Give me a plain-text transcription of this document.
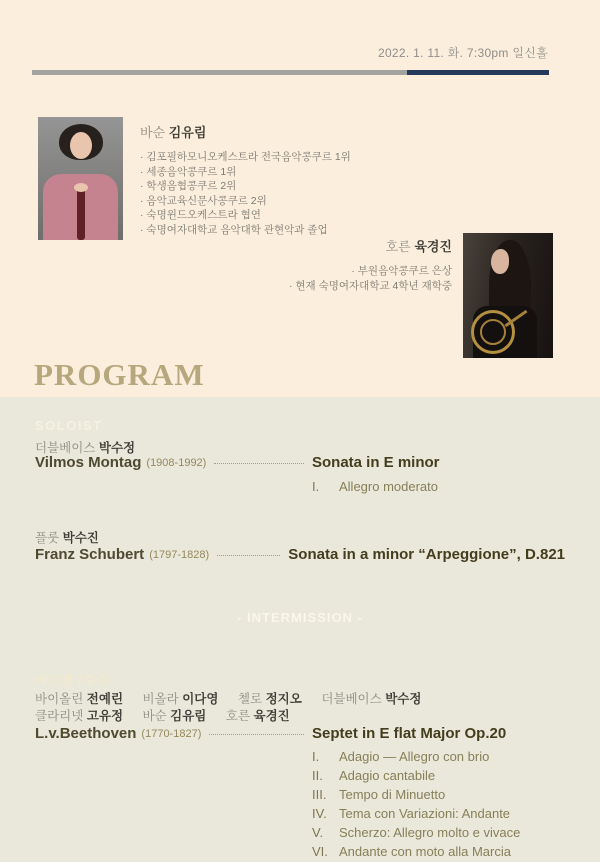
2022. 1. 11. 화. 7:30pm 일신홀
바순 김유림
· 김포필하모니오케스트라 전국음악콩쿠르 1위
· 세종음악콩쿠르 1위
· 학생음협콩쿠르 2위
· 음악교육신문사콩쿠르 2위
· 숙명윈드오케스트라 협연
· 숙명여자대학교 음악대학 관현악과 졸업
호른 육경진
· 부원음악콩쿠르 은상
· 현재 숙명여자대학교 4학년 재학중
PROGRAM
SOLOIST
더블베이스 박수정
Vilmos Montag (1908-1992)	Sonata in E minor
I. Allegro moderato
플룻 박수진
Franz Schubert (1797-1828)	Sonata in a minor “Arpeggione”, D.821
- INTERMISSION -
베토벤 7중주
바이올린 전예린 비올라 이다영 첼로 정지오 더블베이스 박수정
클라리넷 고유정 바순 김유림 호른 육경진
L.v.Beethoven (1770-1827)	Septet in E flat Major Op.20
I. Adagio — Allegro con brio
II. Adagio cantabile
III. Tempo di Minuetto
IV. Tema con Variazioni: Andante
V. Scherzo: Allegro molto e vivace
VI. Andante con moto alla Marcia
